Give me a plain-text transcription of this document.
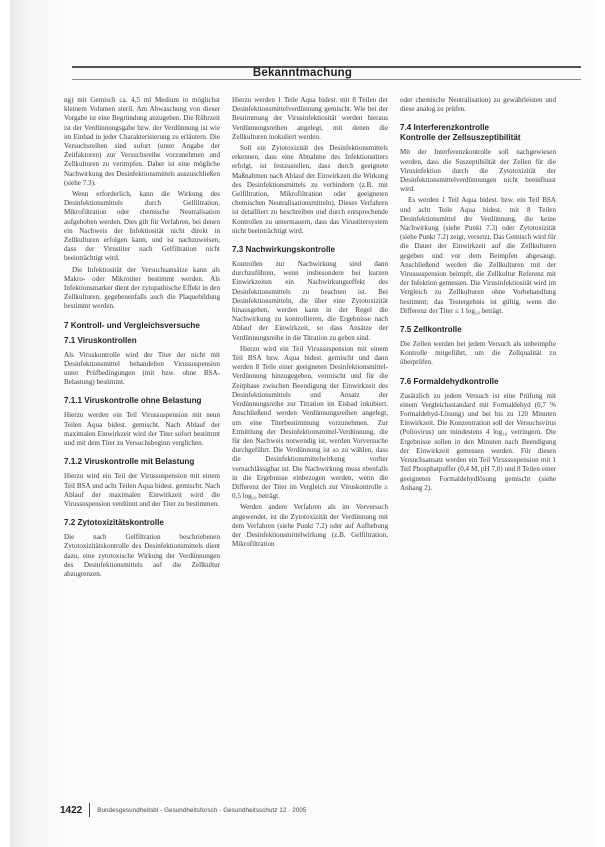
Bekanntmachung

ng) mit Gemisch ca. 4,5 ml Medium in möglichst kleinem Volumen steril. Am Abwaschung von dieser Vorgabe ist eine Begründung anzugeben. Die Rührzeit ist der Verdünnungsgabe bzw. der Verdünnung ist wie im Einbad in jeder Charakterisierung zu erläutern. Die Versuchsreihen sind sofort (unter Angabe der Zeitfaktoren) zur Versuchsreihe vorzunehmen und Zellkulturen zu verimpfen. Daher ist eine mögliche Nachwirkung des Desinfektionsmittels auszuschließen (siehe 7.3).

Wenn erforderlich, kann die Wirkung des Desinfektionsmittels durch Gelfiltration, Mikrofiltration oder chemische Neutralisation aufgehoben werden. Dies gilt für Verfahren, bei denen ein Nachweis der Infektiosität nicht direkt in Zellkulturen erfolgen kann, und ist nachzuweisen, dass der Virustiter nach Gelfiltration nicht beeinträchtigt wird.

Die Infektiosität der Versuchsansätze kann als Makro- oder Mikrotiter bestimmt werden. Als Infektionsmarker dient der zytopathische Effekt in den Zellkulturen, gegebenenfalls auch die Plaquebildung bestimmt werden.

7 Kontroll- und Vergleichsversuche
7.1 Viruskontrollen

Als Viruskontrolle wird der Titer der nicht mit Desinfektionsmittel behandelten Virussuspension unter Prüfbedingungen (mit bzw. ohne BSA-Belastung) bestimmt.

7.1.1 Viruskontrolle ohne Belastung

Hierzu werden ein Teil Virussuspension mit neun Teilen Aqua bidest. gemischt. Nach Ablauf der maximalen Einwirkzeit wird der Titer sofort bestimmt und mit dem Titer zu Versuchsbeginn verglichen.

7.1.2 Viruskontrolle mit Belastung

Hierzu wird ein Teil der Virussuspension mit einem Teil BSA und acht Teilen Aqua bidest. gemischt. Nach Ablauf der maximalen Einwirkzeit wird die Virussuspension verdünnt und der Titer zu bestimmen.

7.2 Zytotoxizitätskontrolle

Die nach Gelfiltration beschriebenen Zytotoxizitätskontrolle des Desinfektionsmittels dient dazu, eine zytotoxische Wirkung der Verdünnungen des Desinfektionsmittels auf die Zellkultur abzugrenzen.

Hierzu werden 1 Teile Aqua bidest. mit 8 Teilen der Desinfektionsmittelverdünnung gemischt. Wie bei der Bestimmung der Virusinfektiosität werden hieraus Verdünnungsreihen angelegt, mit denen die Zellkulturen inokuliert werden.

Soll ein Zytotoxizität des Desinfektionsmittels erkennen, dass eine Abnahme des Infektionstiters erfolgt, ist festzustellen, dass durch geeignete Maßnahmen nach Ablauf der Einwirkzeit die Wirkung des Desinfektionsmittels zu verhindern (z.B. mit Gelfiltration, Mikrofiltration oder geeigneten chemischen Neutralisationsmitteln). Dieses Verfahren ist detailliert zu beschreiben und durch entsprechende Kontrollen zu untermauern, dass das Virustitersystem nicht beeinträchtigt wird.

7.3 Nachwirkungskontrolle

Kontrollen zur Nachwirkung sind dann durchzuführen, wenn insbesondere bei kurzen Einwirkzeiten ein Nachwirkungseffekt des Desinfektionsmittels zu beachten ist. Bei Desinfektionsmitteln, die über eine Zytotoxizität hinausgehen, werden kann in der Regel die Nachwirkung zu kontrollieren, die Ergebnisse nach Ablauf der Einwirkzeit, so dass Ansätze der Verdünnungsreihe in die Titration zu geben sind.

Hierzu wird ein Teil Virussuspension mit einem Teil BSA bzw. Aqua bidest. gemischt und dann werden 8 Teile einer geeigneten Desinfektionsmittel-Verdünnung hinzugegeben, vermischt und für die Zeitphase zwischen Beendigung der Einwirkzeit des Desinfektionsmittels und Ansatz der Verdünnungsreihe zur Titration im Eisbad inkubiert. Anschließend werden Verdünnungsreihen angelegt, um eine Titerbestimmung vorzunehmen. Zur Ermittlung der Desinfektionsmittel-Verdünnung, die für den Nachweis notwendig ist, werden Vorversuche durchgeführt. Die Verdünnung ist so zu wählen, dass die Desinfektionsmittelwirkung vorher vernachlässigbar ist. Die Nachwirkung muss ebenfalls in die Ergebnisse einbezogen werden, wenn die Differenz der Titer im Vergleich zur Viruskontrolle ≥ 0,5 log₁₀ beträgt.

Werden andere Verfahren als im Vorversuch angewendet, ist die Zytotoxizität der Verdünnung mit dem Verfahren (siehe Punkt 7.2) oder auf Aufhebung der Desinfektionsmittelwirkung (z.B. Gelfiltration, Mikrofiltration

oder chemische Neutralisation) zu gewährleisten und diese analog zu prüfen.

7.4 Interferenzkontrolle
Kontrolle der Zellsuszeptibilität

Mit der Interferenzkontrolle soll nachgewiesen werden, dass die Suszeptibilität der Zellen für die Virusinfektion durch die Zytotoxizität der Desinfektionsmittelverdünnungen nicht beeinflusst wird.

Es werden 1 Teil Aqua bidest. bzw. ein Teil BSA und acht Teile Aqua bidest. mit 8 Teilen Desinfektionsmittel der Verdünnung, die keine Nachwirkung (siehe Punkt 7.3) oder Zytotoxizität (siehe Punkt 7.2) zeigt, versetzt. Das Gemisch wird für die Dauer der Einwirkzeit auf die Zellkulturen gegeben und vor dem Beimpfen abgesaugt. Anschließend werden die Zellkulturen mit der Virussuspension beimpft, die Zellkultur Referenz mit der Infektion gemessen. Die Virusinfektiosität wird im Vergleich zu Zellkulturen ohne Vorbehandlung bestimmt; das Testergebnis ist gültig, wenn die Differenz der Titer ≤ 1 log₁₀ beträgt.

7.5 Zellkontrolle

Die Zellen werden bei jedem Versuch als unbeimpfte Kontrolle mitgeführt, um die Zellqualität zu überprüfen.

7.6 Formaldehydkontrolle

Zusätzlich zu jedem Versuch ist eine Prüfung mit einem Vergleichsstandard mit Formaldehyd (0,7 % Formaldehyd-Lösung) und bei bis zu 120 Minuten Einwirkzeit. Die Konzentration soll der Versuchsvirus (Poliovirus) um mindestens 4 log₁₀ verringern. Die Ergebnisse sollen in den Minuten nach Beendigung der Einwirkzeit gemessen werden. Für diesen Versuchsansatz werden ein Teil Virussuspension mit 1 Teil Phosphatpuffer (0,4 M, pH 7,0) und 8 Teilen einer geeigneten Formaldehydlösung gemischt (siehe Anhang 2).

1422 Bundesgesundheitsbl - Gesundheitsforsch - Gesundheitsschutz 12 · 2005
